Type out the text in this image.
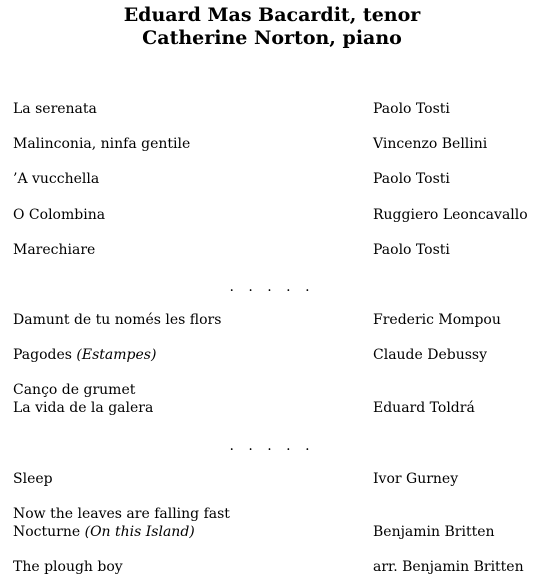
Eduard Mas Bacardit, tenor
Catherine Norton, piano
La serenata	Paolo Tosti
Malinconia, ninfa gentile	Vincenzo Bellini
’A vucchella	Paolo Tosti
O Colombina	Ruggiero Leoncavallo
Marechiare	Paolo Tosti
. . . . .
Damunt de tu només les flors	Frederic Mompou
Pagodes (Estampes)	Claude Debussy
Canço de grumet
La vida de la galera	Eduard Toldrá
. . . . .
Sleep	Ivor Gurney
Now the leaves are falling fast
Nocturne (On this Island)	Benjamin Britten
The plough boy	arr. Benjamin Britten
